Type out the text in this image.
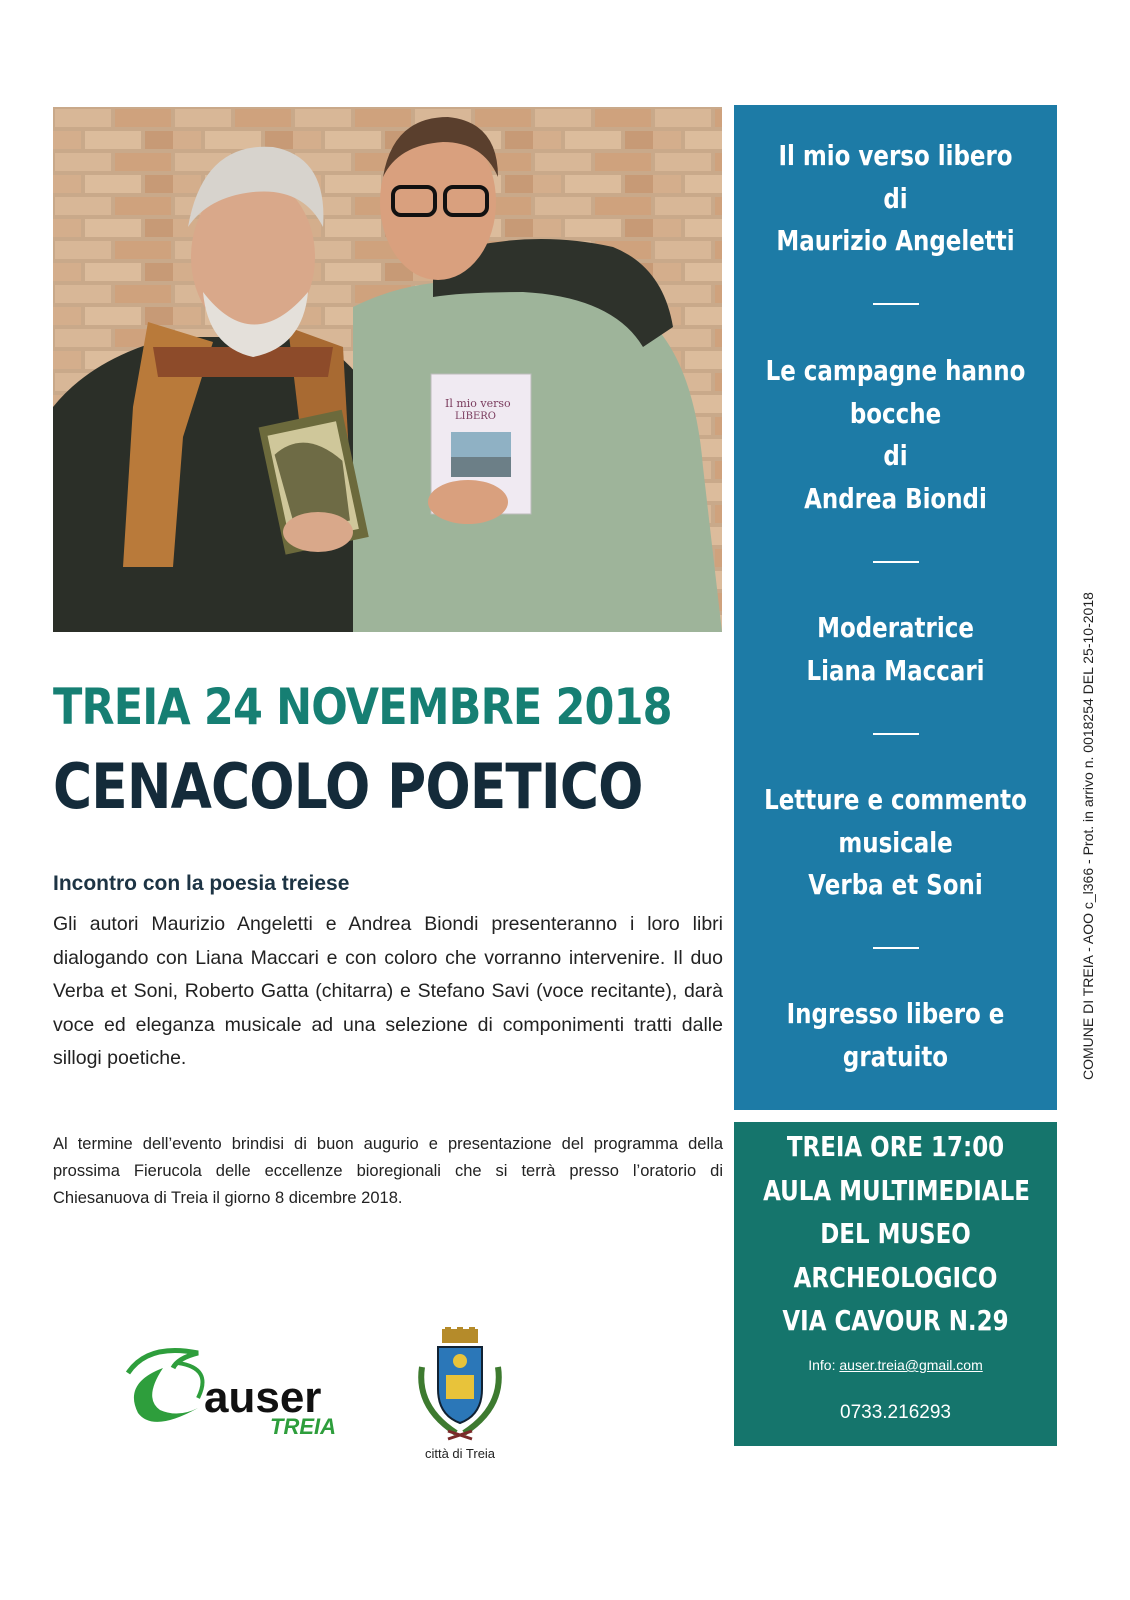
Il mio verso
LIBERO
TREIA 24 NOVEMBRE 2018
CENACOLO POETICO
Incontro con la poesia treiese
Gli autori Maurizio Angeletti e Andrea Biondi presenteranno i loro libri dialogando con Liana Maccari e con coloro che vorranno intervenire. Il duo Verba et Soni, Roberto Gatta (chitarra) e Stefano Savi (voce recitante), darà voce ed eleganza musicale ad una selezione di componimenti tratti dalle sillogi poetiche.
Al termine dell’evento brindisi di buon augurio e presentazione del programma della prossima Fierucola delle eccellenze bioregionali che si terrà presso l’oratorio di Chiesanuova di Treia il giorno 8 dicembre 2018.
Il mio verso libero
di
Maurizio Angeletti
Le campagne hanno
bocche
di
Andrea Biondi
Moderatrice
Liana Maccari
Letture e commento
musicale
Verba et Soni
Ingresso libero e
gratuito
TREIA ORE 17:00
AULA MULTIMEDIALE
DEL MUSEO
ARCHEOLOGICO
VIA CAVOUR N.29
Info: auser.treia@gmail.com
0733.216293
COMUNE DI TREIA - AOO c_l366 - Prot. in arrivo n. 0018254 DEL 25-10-2018
auser
TREIA
città di Treia
